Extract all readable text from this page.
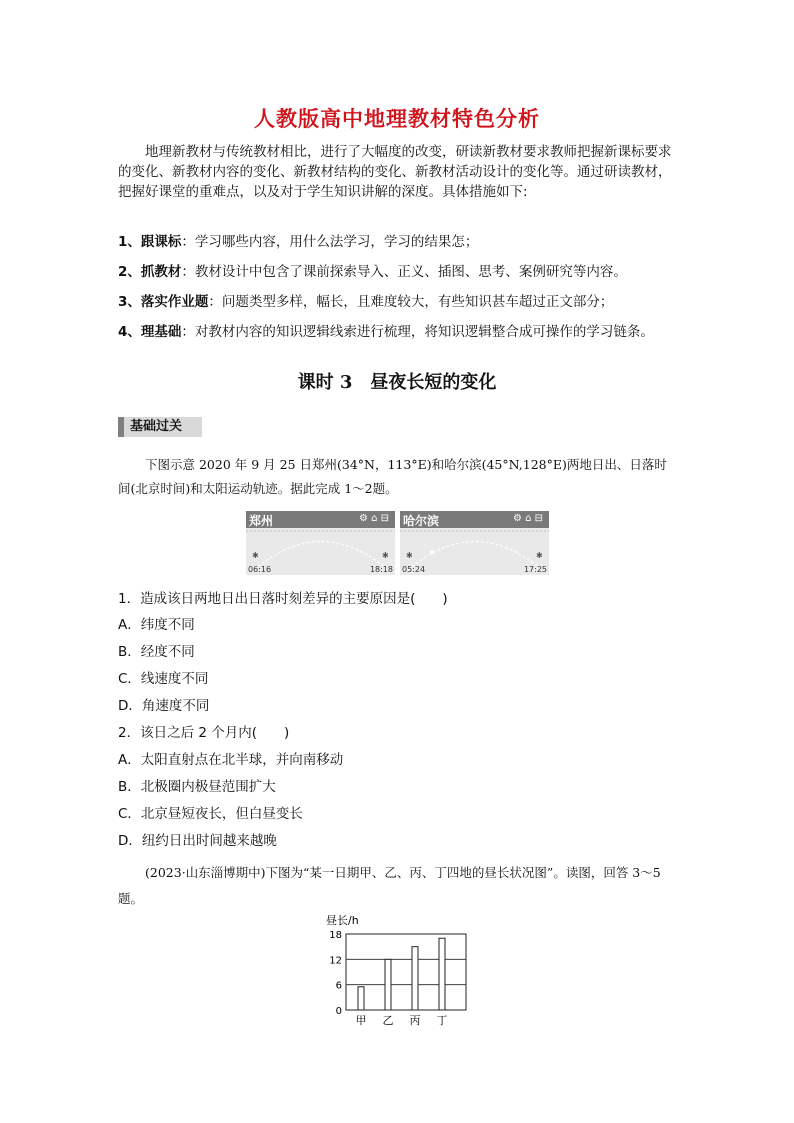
人教版高中地理教材特色分析
地理新教材与传统教材相比，进行了大幅度的改变，研读新教材要求教师把握新课标要求的变化、新教材内容的变化、新教材结构的变化、新教材活动设计的变化等。通过研读教材，把握好课堂的重难点，以及对于学生知识讲解的深度。具体措施如下:
1、跟课标：学习哪些内容，用什么法学习，学习的结果怎；
2、抓教材：教材设计中包含了课前探索导入、正义、插图、思考、案例研究等内容。
3、落实作业题：问题类型多样，幅长，且难度较大，有些知识甚车超过正文部分；
4、理基础：对教材内容的知识逻辑线索进行梳理，将知识逻辑整合成可操作的学习链条。
课时 3　昼夜长短的变化
基础过关
下图示意 2020 年 9 月 25 日郑州(34°N，113°E)和哈尔滨(45°N,128°E)两地日出、日落时间(北京时间)和太阳运动轨迹。据此完成 1～2题。
郑州	⚙ ⌂ ⊟
✱	✱
06:16	18:18
哈尔滨	⚙ ⌂ ⊟
✱	✱
05:24	17:25
1．造成该日两地日出日落时刻差异的主要原因是(　　)
A．纬度不同
B．经度不同
C．线速度不同
D．角速度不同
2．该日之后 2 个月内(　　)
A．太阳直射点在北半球，并向南移动
B．北极圈内极昼范围扩大
C．北京昼短夜长，但白昼变长
D．纽约日出时间越来越晚
(2023·山东淄博期中)下图为“某一日期甲、乙、丙、丁四地的昼长状况图”。读图，回答 3～5题。
昼长/h
0
6
12
18
甲 乙 丙 丁
